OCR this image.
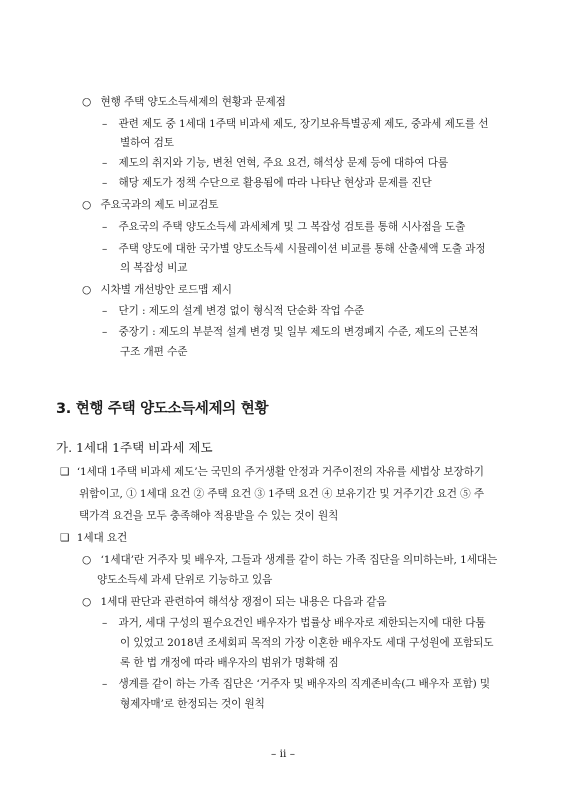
○ 현행 주택 양도소득세제의 현황과 문제점
– 관련 제도 중 1세대 1주택 비과세 제도, 장기보유특별공제 제도, 중과세 제도를 선
별하여 검토
– 제도의 취지와 기능, 변천 연혁, 주요 요건, 해석상 문제 등에 대하여 다룸
– 해당 제도가 정책 수단으로 활용됨에 따라 나타난 현상과 문제를 진단
○ 주요국과의 제도 비교검토
– 주요국의 주택 양도소득세 과세체계 및 그 복잡성 검토를 통해 시사점을 도출
– 주택 양도에 대한 국가별 양도소득세 시뮬레이션 비교를 통해 산출세액 도출 과정
의 복잡성 비교
○ 시차별 개선방안 로드맵 제시
– 단기 : 제도의 설계 변경 없이 형식적 단순화 작업 수준
– 중장기 : 제도의 부분적 설계 변경 및 일부 제도의 변경폐지 수준, 제도의 근본적
구조 개편 수준
3. 현행 주택 양도소득세제의 현황
가. 1세대 1주택 비과세 제도
❑ ‘1세대 1주택 비과세 제도’는 국민의 주거생활 안정과 거주이전의 자유를 세법상 보장하기
위함이고, ① 1세대 요건 ② 주택 요건 ③ 1주택 요건 ④ 보유기간 및 거주기간 요건 ⑤ 주
택가격 요건을 모두 충족해야 적용받을 수 있는 것이 원칙
❑ 1세대 요건
○ ‘1세대’란 거주자 및 배우자, 그들과 생계를 같이 하는 가족 집단을 의미하는바, 1세대는
양도소득세 과세 단위로 기능하고 있음
○ 1세대 판단과 관련하여 해석상 쟁점이 되는 내용은 다음과 같음
– 과거, 세대 구성의 필수요건인 배우자가 법률상 배우자로 제한되는지에 대한 다툼
이 있었고 2018년 조세회피 목적의 가장 이혼한 배우자도 세대 구성원에 포함되도
록 한 법 개정에 따라 배우자의 범위가 명확해 짐
– 생계를 같이 하는 가족 집단은 ‘거주자 및 배우자의 직계존비속(그 배우자 포함) 및
형제자매’로 한정되는 것이 원칙
– ii –
